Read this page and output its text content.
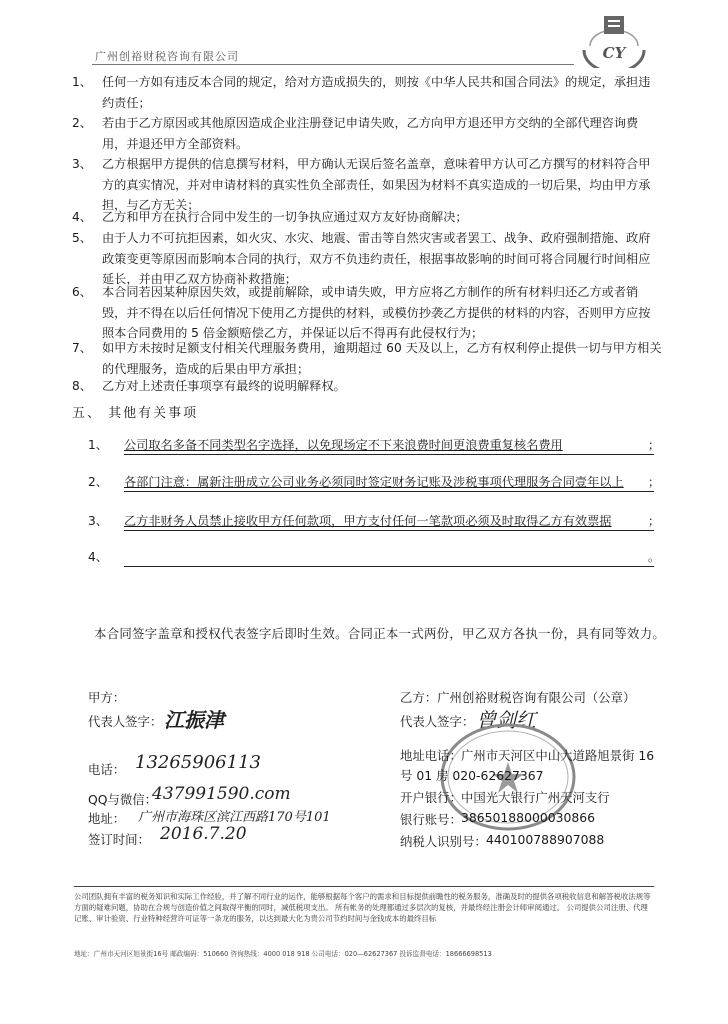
广州创裕财税咨询有限公司	CY
1、 任何一方如有违反本合同的规定，给对方造成损失的，则按《中华人民共和国合同法》的规定，承担违约责任；
2、 若由于乙方原因或其他原因造成企业注册登记申请失败，乙方向甲方退还甲方交纳的全部代理咨询费用，并退还甲方全部资料。
3、 乙方根据甲方提供的信息撰写材料，甲方确认无误后签名盖章，意味着甲方认可乙方撰写的材料符合甲方的真实情况，并对申请材料的真实性负全部责任，如果因为材料不真实造成的一切后果，均由甲方承担，与乙方无关；
4、 乙方和甲方在执行合同中发生的一切争执应通过双方友好协商解决；
5、 由于人力不可抗拒因素，如火灾、水灾、地震、雷击等自然灾害或者罢工、战争、政府强制措施、政府政策变更等原因而影响本合同的执行，双方不负违约责任，根据事故影响的时间可将合同履行时间相应延长，并由甲乙双方协商补救措施；
6、 本合同若因某种原因失效，或提前解除，或申请失败，甲方应将乙方制作的所有材料归还乙方或者销毁，并不得在以后任何情况下使用乙方提供的材料，或模仿抄袭乙方提供的材料的内容，否则甲方应按照本合同费用的 5 倍金额赔偿乙方，并保证以后不得再有此侵权行为；
7、 如甲方未按时足额支付相关代理服务费用，逾期超过 60 天及以上，乙方有权利停止提供一切与甲方相关的代理服务，造成的后果由甲方承担；
8、 乙方对上述责任事项享有最终的说明解释权。
五、 其他有关事项
1、 公司取名多备不同类型名字选择，以免现场定不下来浪费时间更浪费重复核名费用	；
2、 各部门注意：属新注册成立公司业务必须同时签定财务记账及涉税事项代理服务合同壹年以上	；
3、 乙方非财务人员禁止接收甲方任何款项，甲方支付任何一笔款项必须及时取得乙方有效票据	；
4、	。
本合同签字盖章和授权代表签字后即时生效。合同正本一式两份，甲乙双方各执一份，具有同等效力。
甲方：
代表人签字： 江振津
电话： 13265906113
QQ与微信：
437991590.com
地址： 广州市海珠区滨江西路170号101
签订时间： 2016.7.20
乙方：广州创裕财税咨询有限公司（公章）
代表人签字： 曾剑红
地址电话： 广州市天河区中山大道路旭景街 16
号 01 房 020-62627367
开户银行： 中国光大银行广州天河支行
银行账号： 38650188000030866
纳税人识别号： 440100788907088
公司团队拥有丰富的税务知识和实际工作经验，并了解不同行业的运作，能够根据每个客户的需求和目标提供前瞻性的税务服务，准确及时的提供各项税收信息和解答税收法规等方面的疑难问题，协助在合规与创造价值之间取得平衡的同时，减低税项支出。 所有帐务的处理都通过多层次的复核，并最终经注册会计师审阅通过。 公司提供公司注册、代理记账、审计验资、行业特种经营许可证等一条龙的服务，以达到最大化为贵公司节约时间与金钱成本的最终目标
地址：广州市天河区旭景街16号 邮政编码：510660 咨询热线：4000 018 918 公司电话：020—62627367 投诉监督电话：18666698513
